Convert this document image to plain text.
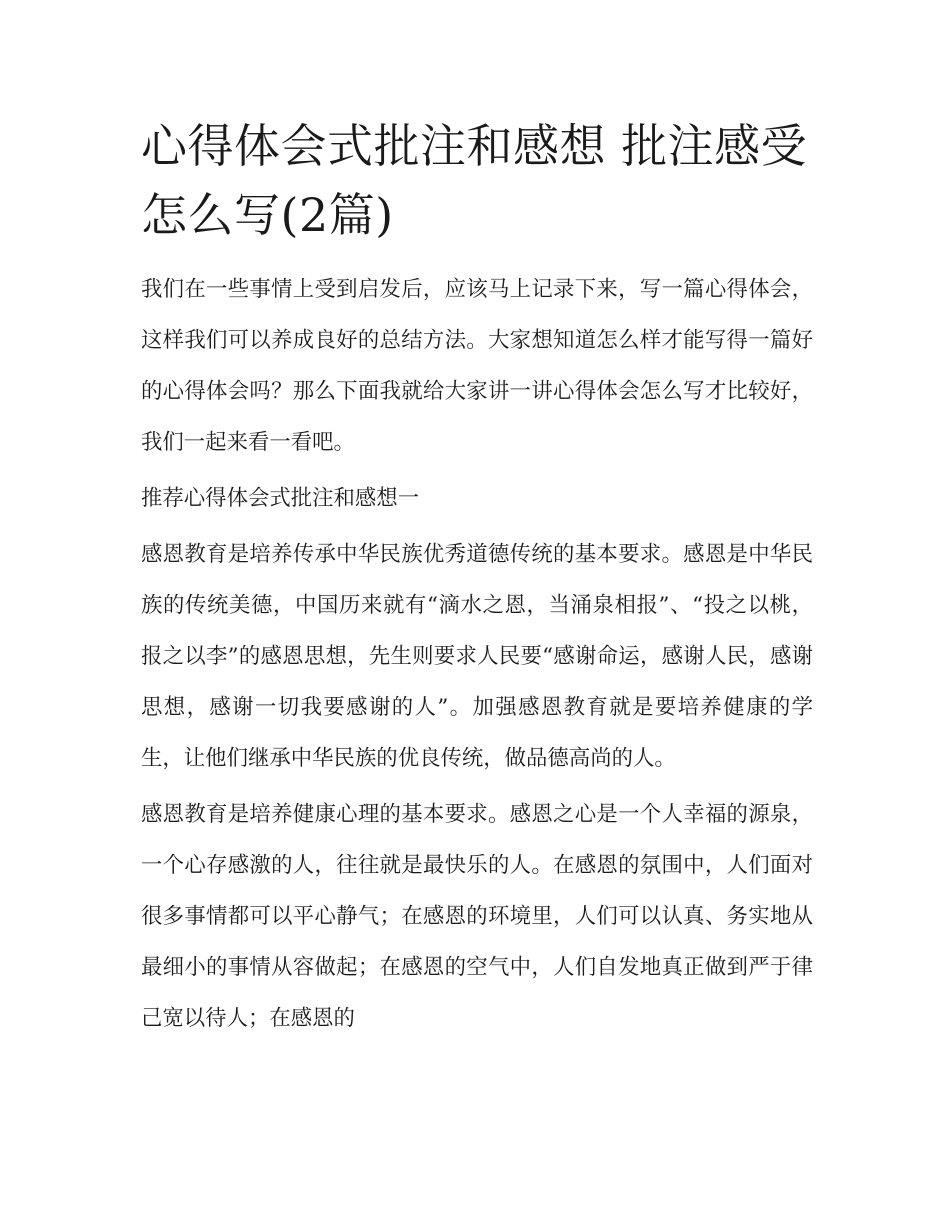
心得体会式批注和感想 批注感受怎么写(2篇)

我们在一些事情上受到启发后，应该马上记录下来，写一篇心得体会，这样我们可以养成良好的总结方法。大家想知道怎么样才能写得一篇好的心得体会吗？那么下面我就给大家讲一讲心得体会怎么写才比较好，我们一起来看一看吧。

推荐心得体会式批注和感想一

感恩教育是培养传承中华民族优秀道德传统的基本要求。感恩是中华民族的传统美德，中国历来就有“滴水之恩，当涌泉相报”、“投之以桃，报之以李”的感恩思想，先生则要求人民要“感谢命运，感谢人民，感谢思想，感谢一切我要感谢的人”。加强感恩教育就是要培养健康的学生，让他们继承中华民族的优良传统，做品德高尚的人。

感恩教育是培养健康心理的基本要求。感恩之心是一个人幸福的源泉，一个心存感激的人，往往就是最快乐的人。在感恩的氛围中，人们面对很多事情都可以平心静气；在感恩的环境里，人们可以认真、务实地从最细小的事情从容做起；在感恩的空气中，人们自发地真正做到严于律己宽以待人；在感恩的
